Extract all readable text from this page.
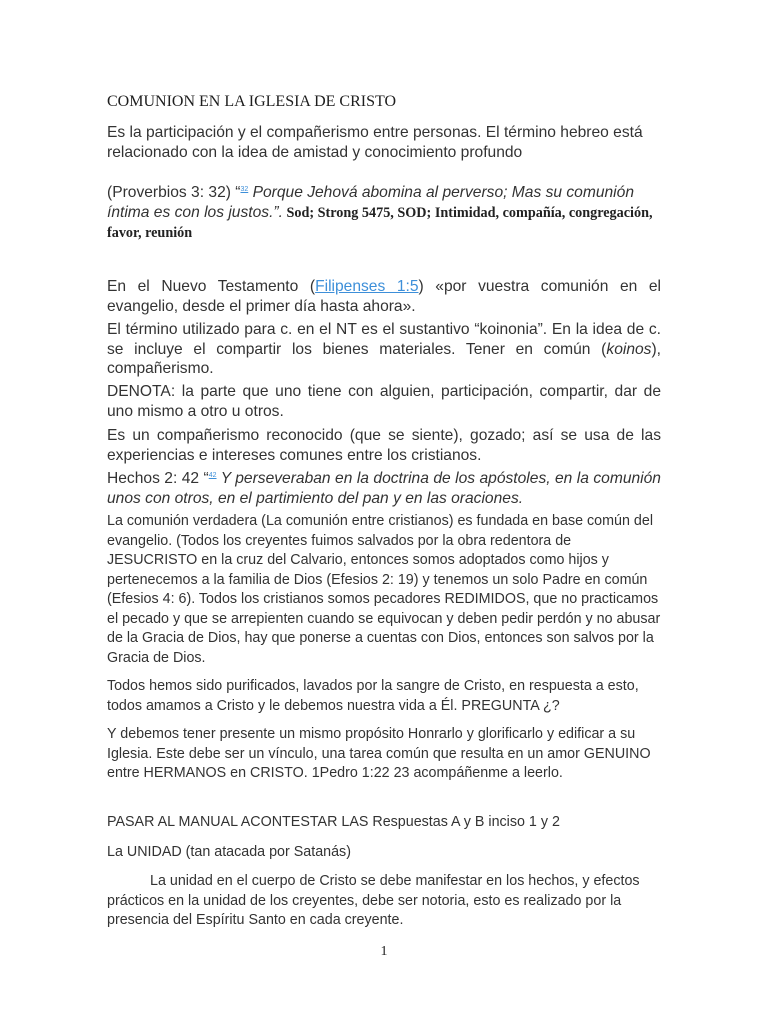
COMUNION EN LA IGLESIA DE CRISTO

Es la participación y el compañerismo entre personas. El término hebreo está relacionado con la idea de amistad y conocimiento profundo

(Proverbios 3: 32) “$^{32}$ Porque Jehová abomina al perverso; Mas su comunión íntima es con los justos.”. Sod; Strong 5475, SOD; Intimidad, compañía, congregación, favor, reunión

En el Nuevo Testamento (Filipenses 1:5) «por vuestra comunión en el evangelio, desde el primer día hasta ahora».

El término utilizado para c. en el NT es el sustantivo “koinonia”. En la idea de c. se incluye el compartir los bienes materiales. Tener en común (koinos), compañerismo.

DENOTA: la parte que uno tiene con alguien, participación, compartir, dar de uno mismo a otro u otros.

Es un compañerismo reconocido (que se siente), gozado; así se usa de las experiencias e intereses comunes entre los cristianos.

Hechos 2: 42 “$^{42}$ Y perseveraban en la doctrina de los apóstoles, en la comunión unos con otros, en el partimiento del pan y en las oraciones.

La comunión verdadera (La comunión entre cristianos) es fundada en base común del evangelio. (Todos los creyentes fuimos salvados por la obra redentora de JESUCRISTO en la cruz del Calvario, entonces somos adoptados como hijos y pertenecemos a la familia de Dios (Efesios 2: 19) y tenemos un solo Padre en común (Efesios 4: 6). Todos los cristianos somos pecadores REDIMIDOS, que no practicamos el pecado y que se arrepienten cuando se equivocan y deben pedir perdón y no abusar de la Gracia de Dios, hay que ponerse a cuentas con Dios, entonces son salvos por la Gracia de Dios.

Todos hemos sido purificados, lavados por la sangre de Cristo, en respuesta a esto, todos amamos a Cristo y le debemos nuestra vida a Él. PREGUNTA ¿?

Y debemos tener presente un mismo propósito Honrarlo y glorificarlo y edificar a su Iglesia. Este debe ser un vínculo, una tarea común que resulta en un amor GENUINO entre HERMANOS en CRISTO. 1Pedro 1:22 23 acompáñenme a leerlo.

PASAR AL MANUAL ACONTESTAR LAS Respuestas A y B inciso 1 y 2

La UNIDAD (tan atacada por Satanás)

La unidad en el cuerpo de Cristo se debe manifestar en los hechos, y efectos prácticos en la unidad de los creyentes, debe ser notoria, esto es realizado por la presencia del Espíritu Santo en cada creyente.

1
